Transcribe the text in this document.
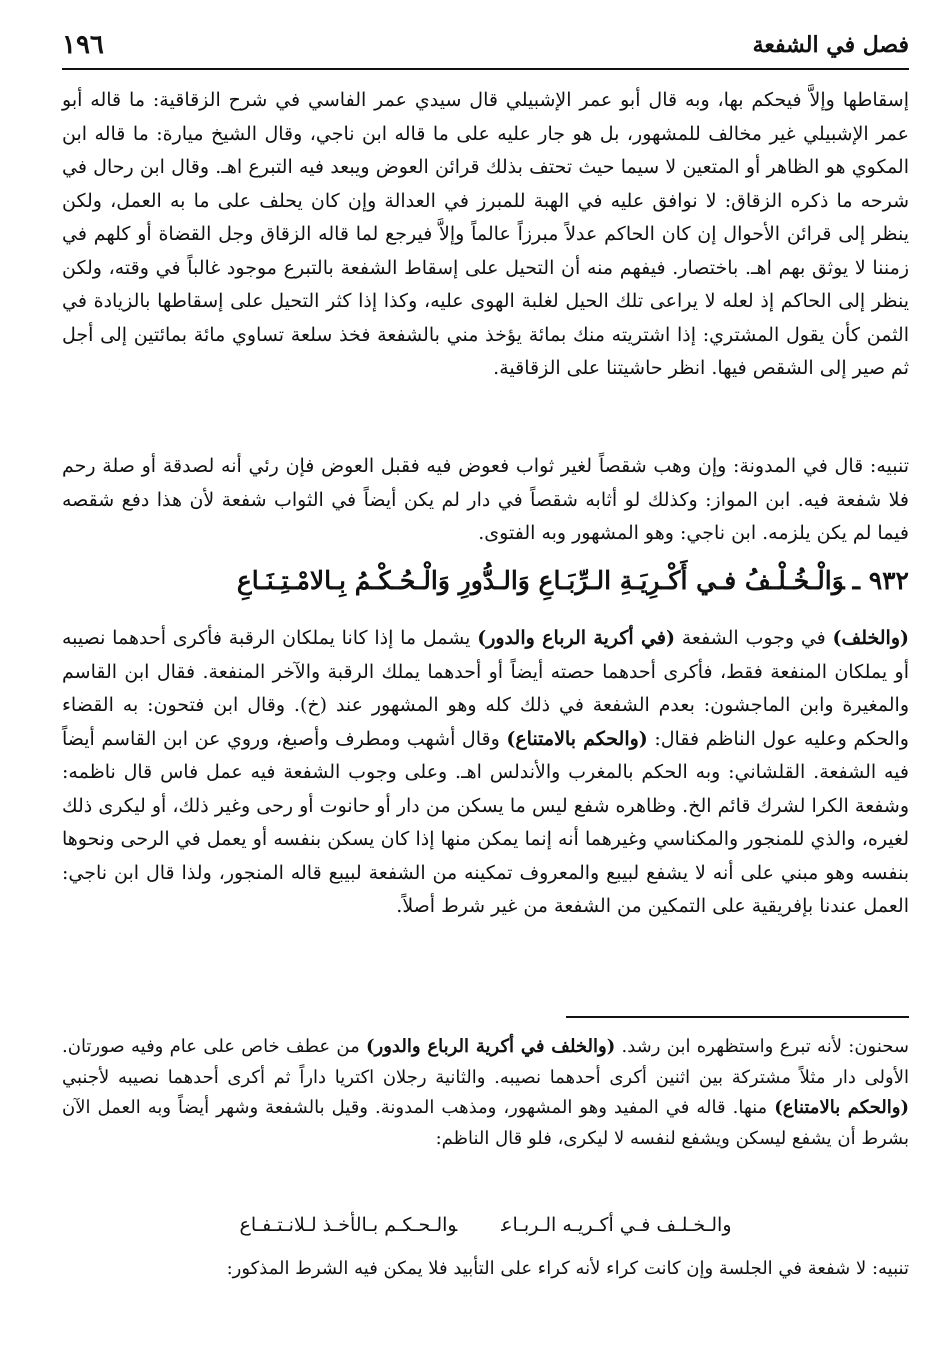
فصل في الشفعة
١٩٦
إسقاطها وإلاَّ فيحكم بها، وبه قال أبو عمر الإشبيلي قال سيدي عمر الفاسي في شرح الزقاقية: ما قاله أبو عمر الإشبيلي غير مخالف للمشهور، بل هو جار عليه على ما قاله ابن ناجي، وقال الشيخ ميارة: ما قاله ابن المكوي هو الظاهر أو المتعين لا سيما حيث تحتف بذلك قرائن العوض ويبعد فيه التبرع اهـ. وقال ابن رحال في شرحه ما ذكره الزقاق: لا نوافق عليه في الهبة للمبرز في العدالة وإن كان يحلف على ما به العمل، ولكن ينظر إلى قرائن الأحوال إن كان الحاكم عدلاً مبرزاً عالماً وإلاَّ فيرجع لما قاله الزقاق وجل القضاة أو كلهم في زمننا لا يوثق بهم اهـ. باختصار. فيفهم منه أن التحيل على إسقاط الشفعة بالتبرع موجود غالباً في وقته، ولكن ينظر إلى الحاكم إذ لعله لا يراعى تلك الحيل لغلبة الهوى عليه، وكذا إذا كثر التحيل على إسقاطها بالزيادة في الثمن كأن يقول المشتري: إذا اشتريته منك بمائة يؤخذ مني بالشفعة فخذ سلعة تساوي مائة بمائتين إلى أجل ثم صير إلى الشقص فيها. انظر حاشيتنا على الزقاقية.
تنبيه: قال في المدونة: وإن وهب شقصاً لغير ثواب فعوض فيه فقبل العوض فإن رئي أنه لصدقة أو صلة رحم فلا شفعة فيه. ابن المواز: وكذلك لو أثابه شقصاً في دار لم يكن أيضاً في الثواب شفعة لأن هذا دفع شقصه فيما لم يكن يلزمه. ابن ناجي: وهو المشهور وبه الفتوى.
٩٣٢ ـوَالْـخُـلْـفُ فـي أَكْـرِيَـةِ الـرِّبَـاعِ وَالـدُّورِ وَالْـحُـكْـمُ بِـالامْـتِـنَـاعِ
(والخلف) في وجوب الشفعة (في أكرية الرباع والدور) يشمل ما إذا كانا يملكان الرقبة فأكرى أحدهما نصيبه أو يملكان المنفعة فقط، فأكرى أحدهما حصته أيضاً أو أحدهما يملك الرقبة والآخر المنفعة. فقال ابن القاسم والمغيرة وابن الماجشون: بعدم الشفعة في ذلك كله وهو المشهور عند (خ). وقال ابن فتحون: به القضاء والحكم وعليه عول الناظم فقال: (والحكم بالامتناع) وقال أشهب ومطرف وأصبغ، وروي عن ابن القاسم أيضاً فيه الشفعة. القلشاني: وبه الحكم بالمغرب والأندلس اهـ. وعلى وجوب الشفعة فيه عمل فاس قال ناظمه: وشفعة الكرا لشرك قائم الخ. وظاهره شفع ليس ما يسكن من دار أو حانوت أو رحى وغير ذلك، أو ليكرى ذلك لغيره، والذي للمنجور والمكناسي وغيرهما أنه إنما يمكن منها إذا كان يسكن بنفسه أو يعمل في الرحى ونحوها بنفسه وهو مبني على أنه لا يشفع لبيبع والمعروف تمكينه من الشفعة لبيبع قاله المنجور، ولذا قال ابن ناجي: العمل عندنا بإفريقية على التمكين من الشفعة من غير شرط أصلاً.
سحنون: لأنه تبرع واستظهره ابن رشد. (والخلف في أكرية الرباع والدور) من عطف خاص على عام وفيه صورتان. الأولى دار مثلاً مشتركة بين اثنين أكرى أحدهما نصيبه. والثانية رجلان اكتريا داراً ثم أكرى أحدهما نصيبه لأجنبي (والحكم بالامتناع) منها. قاله في المفيد وهو المشهور، ومذهب المدونة. وقيل بالشفعة وشهر أيضاً وبه العمل الآن بشرط أن يشفع ليسكن ويشفع لنفسه لا ليكرى، فلو قال الناظم:
والـخـلـف فـي أكـريـه الـربـاعوالـحـكـم بـالأخـذ لـلانـتـفـاع
تنبيه: لا شفعة في الجلسة وإن كانت كراء لأنه كراء على التأبيد فلا يمكن فيه الشرط المذكور:
